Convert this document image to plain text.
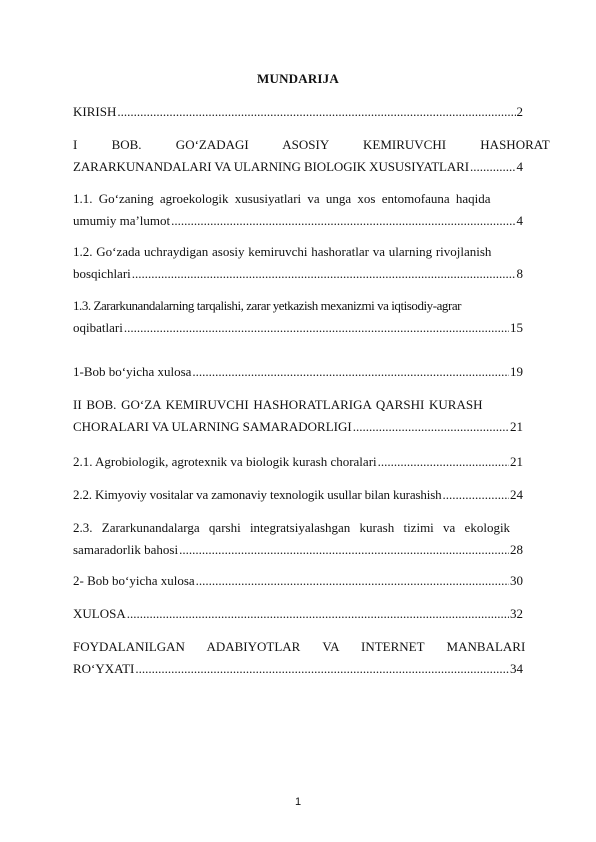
MUNDARIJA
KIRISH .....	2
I BOB. GO‘ZADAGI ASOSIY KEMIRUVCHI HASHORAT
ZARARKUNANDALARI VA ULARNING BIOLOGIK XUSUSIYATLARI .....	4
1.1. Go‘zaning agroekologik xususiyatlari va unga xos entomofauna haqida
umumiy ma’lumot .....	4
1.2. Go‘zada uchraydigan asosiy kemiruvchi hashoratlar va ularning rivojlanish
bosqichlari .....	8
1.3. Zararkunandalarning tarqalishi, zarar yetkazish mexanizmi va iqtisodiy-agrar
oqibatlari .....	15
1-Bob bo‘yicha xulosa .....	19
II BOB. GO‘ZA KEMIRUVCHI HASHORATLARIGA QARSHI KURASH
CHORALARI VA ULARNING SAMARADORLIGI .....	21
2.1. Agrobiologik, agrotexnik va biologik kurash choralari .....	21
2.2. Kimyoviy vositalar va zamonaviy texnologik usullar bilan kurashish .....	24
2.3. Zararkunandalarga qarshi integratsiyalashgan kurash tizimi va ekologik
samaradorlik bahosi .....	28
2- Bob bo‘yicha xulosa .....	30
XULOSA .....	32
FOYDALANILGAN ADABIYOTLAR VA INTERNET MANBALARI
RO‘YXATI .....	34
1
